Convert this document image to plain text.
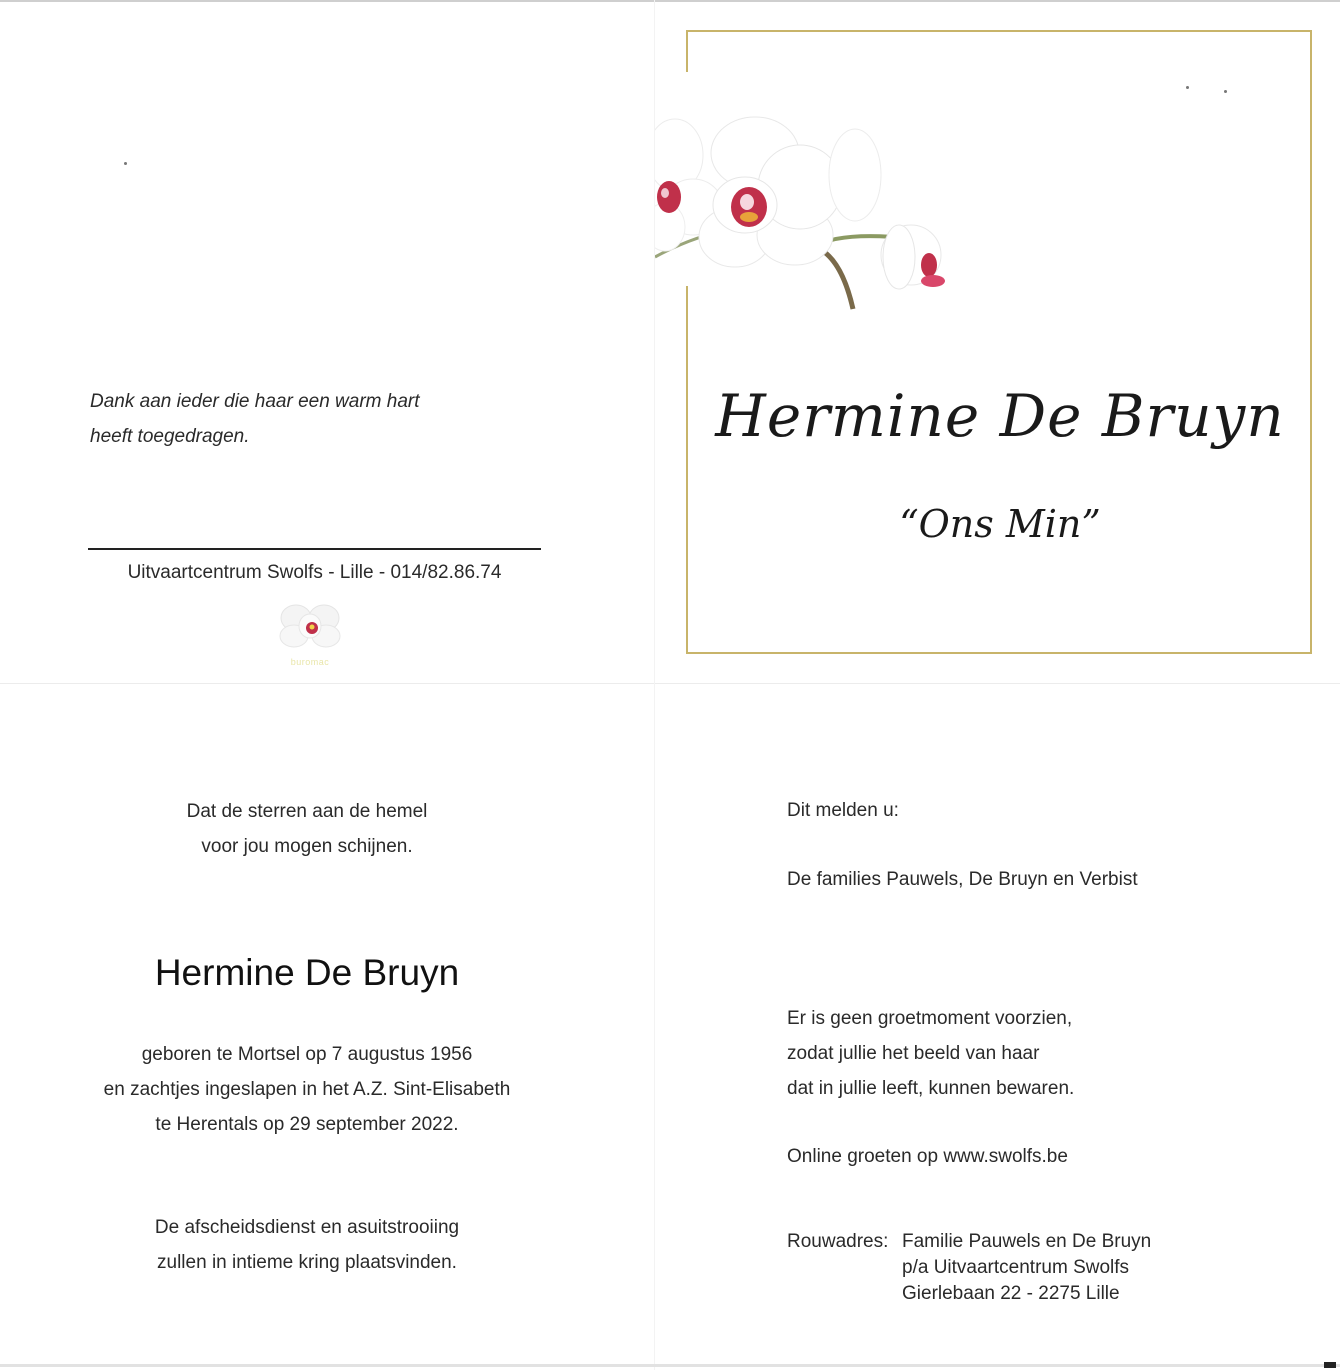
Dank aan ieder die haar een warm hart
heeft toegedragen.
Uitvaartcentrum Swolfs - Lille - 014/82.86.74
buromac
Hermine De Bruyn
“Ons Min”
Dat de sterren aan de hemel
voor jou mogen schijnen.
Hermine De Bruyn
geboren te Mortsel op 7 augustus 1956
en zachtjes ingeslapen in het A.Z. Sint-Elisabeth
te Herentals op 29 september 2022.
De afscheidsdienst en asuitstrooiing
zullen in intieme kring plaatsvinden.
Dit melden u:
De families Pauwels, De Bruyn en Verbist
Er is geen groetmoment voorzien,
zodat jullie het beeld van haar
dat in jullie leeft, kunnen bewaren.
Online groeten op www.swolfs.be
Rouwadres: Familie Pauwels en De Bruyn
p/a Uitvaartcentrum Swolfs
Gierlebaan 22 - 2275 Lille
